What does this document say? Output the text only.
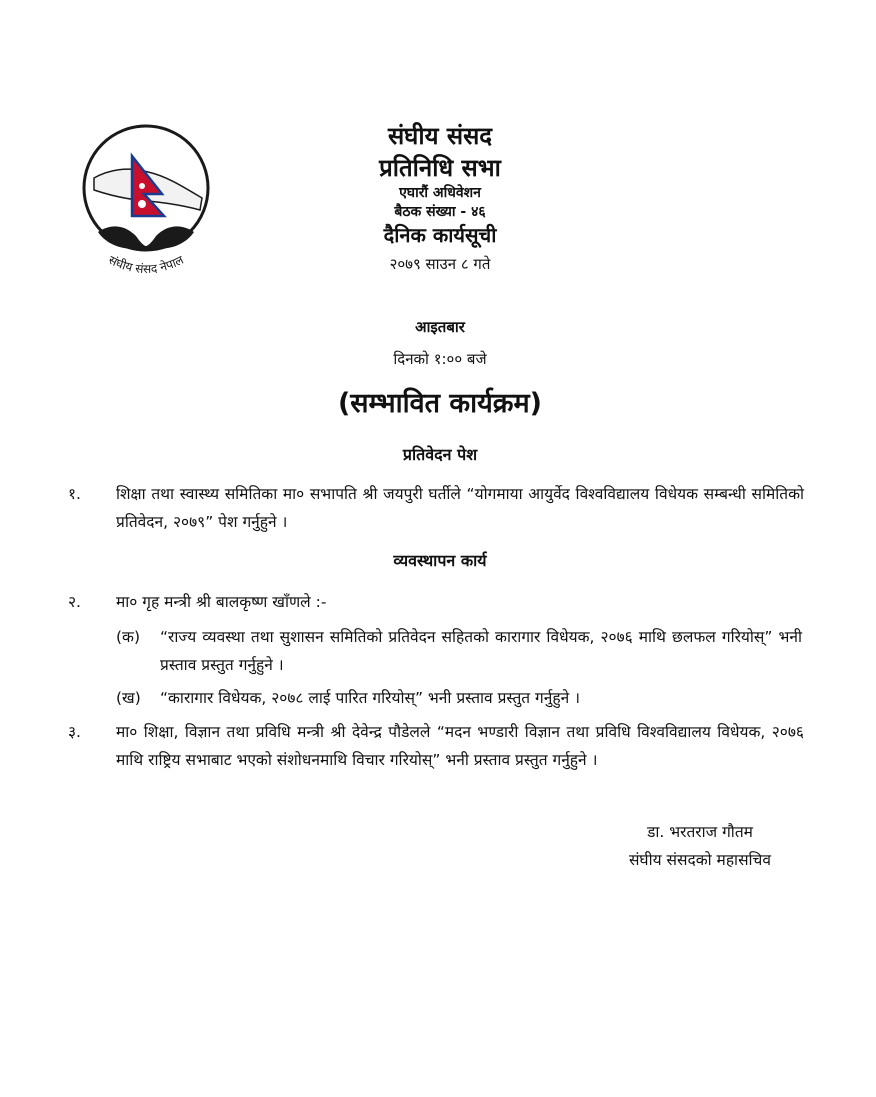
संघीय संसद नेपाल

संघीय संसद

प्रतिनिधि सभा

एघारौं अधिवेशन

बैठक संख्या - ४६

दैनिक कार्यसूची

२०७९ साउन ८ गते

आइतबार
दिनको १:०० बजे
(सम्भावित कार्यक्रम)
प्रतिवेदन पेश
१.	शिक्षा तथा स्वास्थ्य समितिका मा० सभापति श्री जयपुरी घर्तीले “योगमाया आयुर्वेद विश्वविद्यालय विधेयक सम्बन्धी समितिको प्रतिवेदन, २०७९” पेश गर्नुहुने ।
व्यवस्थापन कार्य
२.	मा० गृह मन्त्री श्री बालकृष्ण खाँणले :-
(क)	“राज्य व्यवस्था तथा सुशासन समितिको प्रतिवेदन सहितको कारागार विधेयक, २०७६ माथि छलफल गरियोस्” भनी प्रस्ताव प्रस्तुत गर्नुहुने ।
(ख)	“कारागार विधेयक, २०७८ लाई पारित गरियोस्” भनी प्रस्ताव प्रस्तुत गर्नुहुने ।
३.	मा० शिक्षा, विज्ञान तथा प्रविधि मन्त्री श्री देवेन्द्र पौडेलले “मदन भण्डारी विज्ञान तथा प्रविधि विश्वविद्यालय विधेयक, २०७६ माथि राष्ट्रिय सभाबाट भएको संशोधनमाथि विचार गरियोस्” भनी प्रस्ताव प्रस्तुत गर्नुहुने ।
डा. भरतराज गौतम
संघीय संसदको महासचिव
